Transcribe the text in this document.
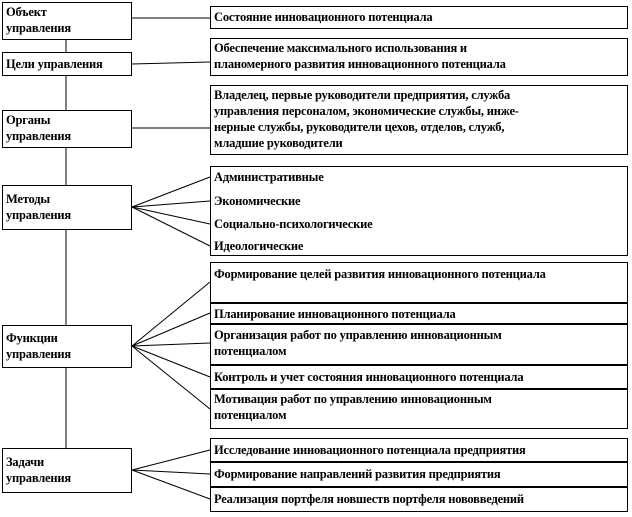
Объект
управления
Цели управления
Органы
управления
Методы
управления
Функции
управления
Задачи
управления
Состояние инновационного потенциала
Обеспечение максимального использования и
планомерного развития инновационного потенциала
Владелец, первые руководители предприятия, служба
управления персоналом, экономические службы, инже-
нерные службы, руководители цехов, отделов, служб,
младшие руководители
Административные
Экономические
Социально-психологические
Идеологические
Формирование целей развития инновационного потенциала
Планирование инновационного потенциала
Организация работ по управлению инновационным
потенциалом
Контроль и учет состояния инновационного потенциала
Мотивация работ по управлению инновационным
потенциалом
Исследование инновационного потенциала предприятия
Формирование направлений развития предприятия
Реализация портфеля новшеств портфеля нововведений
